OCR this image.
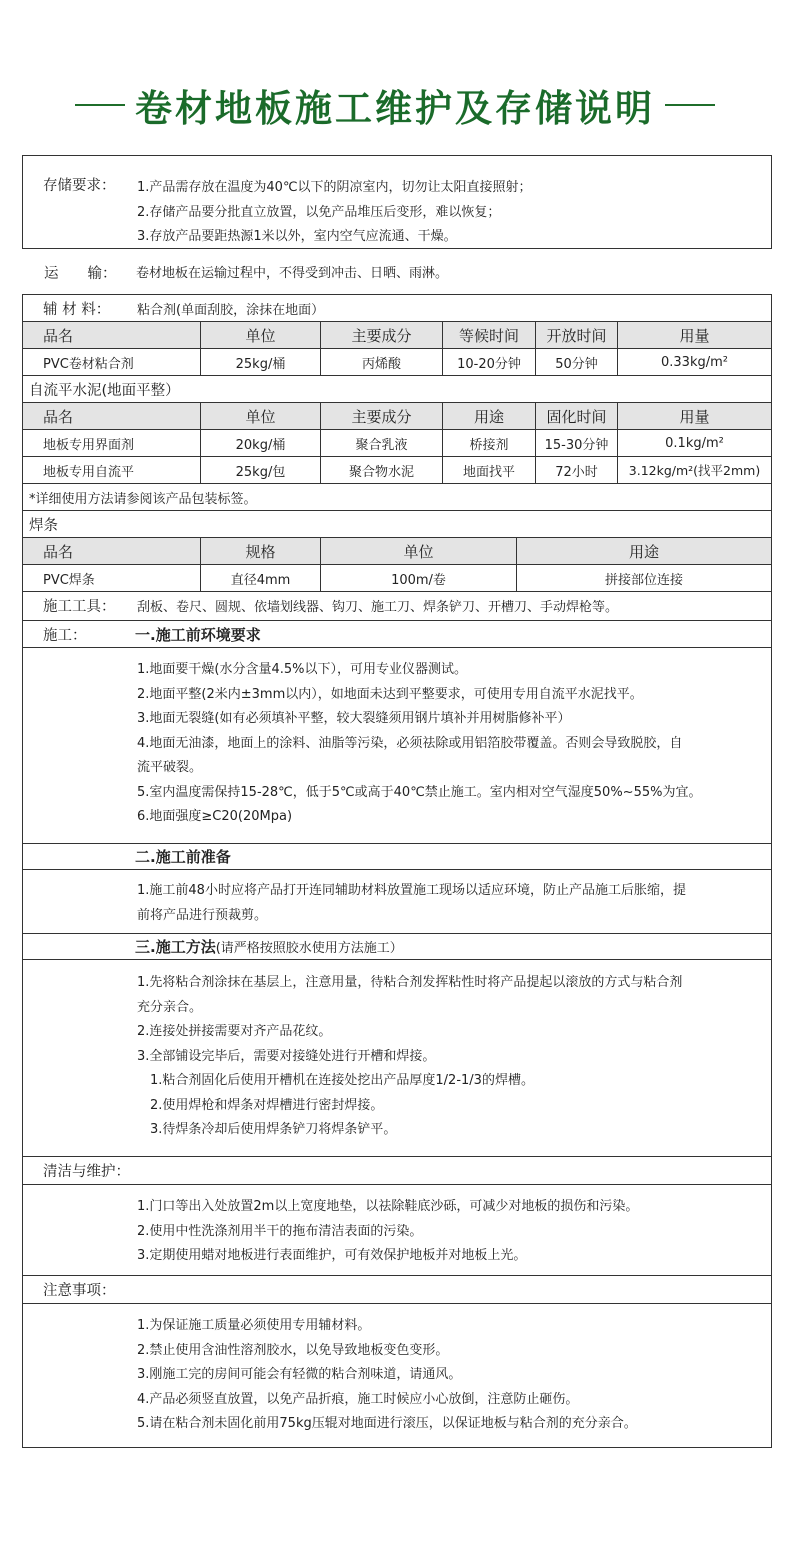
卷材地板施工维护及存储说明
存储要求： 1.产品需存放在温度为40℃以下的阴凉室内，切勿让太阳直接照射；
2.存储产品要分批直立放置，以免产品堆压后变形，难以恢复；
3.存放产品要距热源1米以外，室内空气应流通、干燥。
运　　输： 卷材地板在运输过程中，不得受到冲击、日晒、雨淋。
辅 材 料：	粘合剂(单面刮胶，涂抹在地面）
品名	单位	主要成分	等候时间	开放时间	用量
PVC卷材粘合剂	25kg/桶	丙烯酸	10-20分钟	50分钟	0.33kg/m²
自流平水泥(地面平整）
品名	单位	主要成分	用途	固化时间	用量
地板专用界面剂	20kg/桶	聚合乳液	桥接剂	15-30分钟	0.1kg/m²
地板专用自流平	25kg/包	聚合物水泥	地面找平	72小时	3.12kg/m²(找平2mm)
*详细使用方法请参阅该产品包装标签。
焊条
品名	规格	单位	用途
PVC焊条	直径4mm	100m/卷	拼接部位连接
施工工具：	刮板、卷尺、圆规、依墙划线器、钩刀、施工刀、焊条铲刀、开槽刀、手动焊枪等。
施工：	一.施工前环境要求
1.地面要干燥(水分含量4.5%以下），可用专业仪器测试。
2.地面平整(2米内±3mm以内），如地面未达到平整要求，可使用专用自流平水泥找平。
3.地面无裂缝(如有必须填补平整，较大裂缝须用钢片填补并用树脂修补平）
4.地面无油漆，地面上的涂料、油脂等污染，必须祛除或用铝箔胶带覆盖。否则会导致脱胶，自
流平破裂。
5.室内温度需保持15-28℃，低于5℃或高于40℃禁止施工。室内相对空气湿度50%~55%为宜。
6.地面强度≥C20(20Mpa)
二.施工前准备
1.施工前48小时应将产品打开连同辅助材料放置施工现场以适应环境，防止产品施工后胀缩，提
前将产品进行预裁剪。
三.施工方法(请严格按照胶水使用方法施工）
1.先将粘合剂涂抹在基层上，注意用量，待粘合剂发挥粘性时将产品提起以滚放的方式与粘合剂
充分亲合。
2.连接处拼接需要对齐产品花纹。
3.全部铺设完毕后，需要对接缝处进行开槽和焊接。
　1.粘合剂固化后使用开槽机在连接处挖出产品厚度1/2-1/3的焊槽。
　2.使用焊枪和焊条对焊槽进行密封焊接。
　3.待焊条冷却后使用焊条铲刀将焊条铲平。
清洁与维护：
1.门口等出入处放置2m以上宽度地垫，以祛除鞋底沙砾，可减少对地板的损伤和污染。
2.使用中性洗涤剂用半干的拖布清洁表面的污染。
3.定期使用蜡对地板进行表面维护，可有效保护地板并对地板上光。
注意事项：
1.为保证施工质量必须使用专用辅材料。
2.禁止使用含油性溶剂胶水，以免导致地板变色变形。
3.刚施工完的房间可能会有轻微的粘合剂味道，请通风。
4.产品必须竖直放置，以免产品折痕，施工时候应小心放倒，注意防止砸伤。
5.请在粘合剂未固化前用75kg压辊对地面进行滚压，以保证地板与粘合剂的充分亲合。
